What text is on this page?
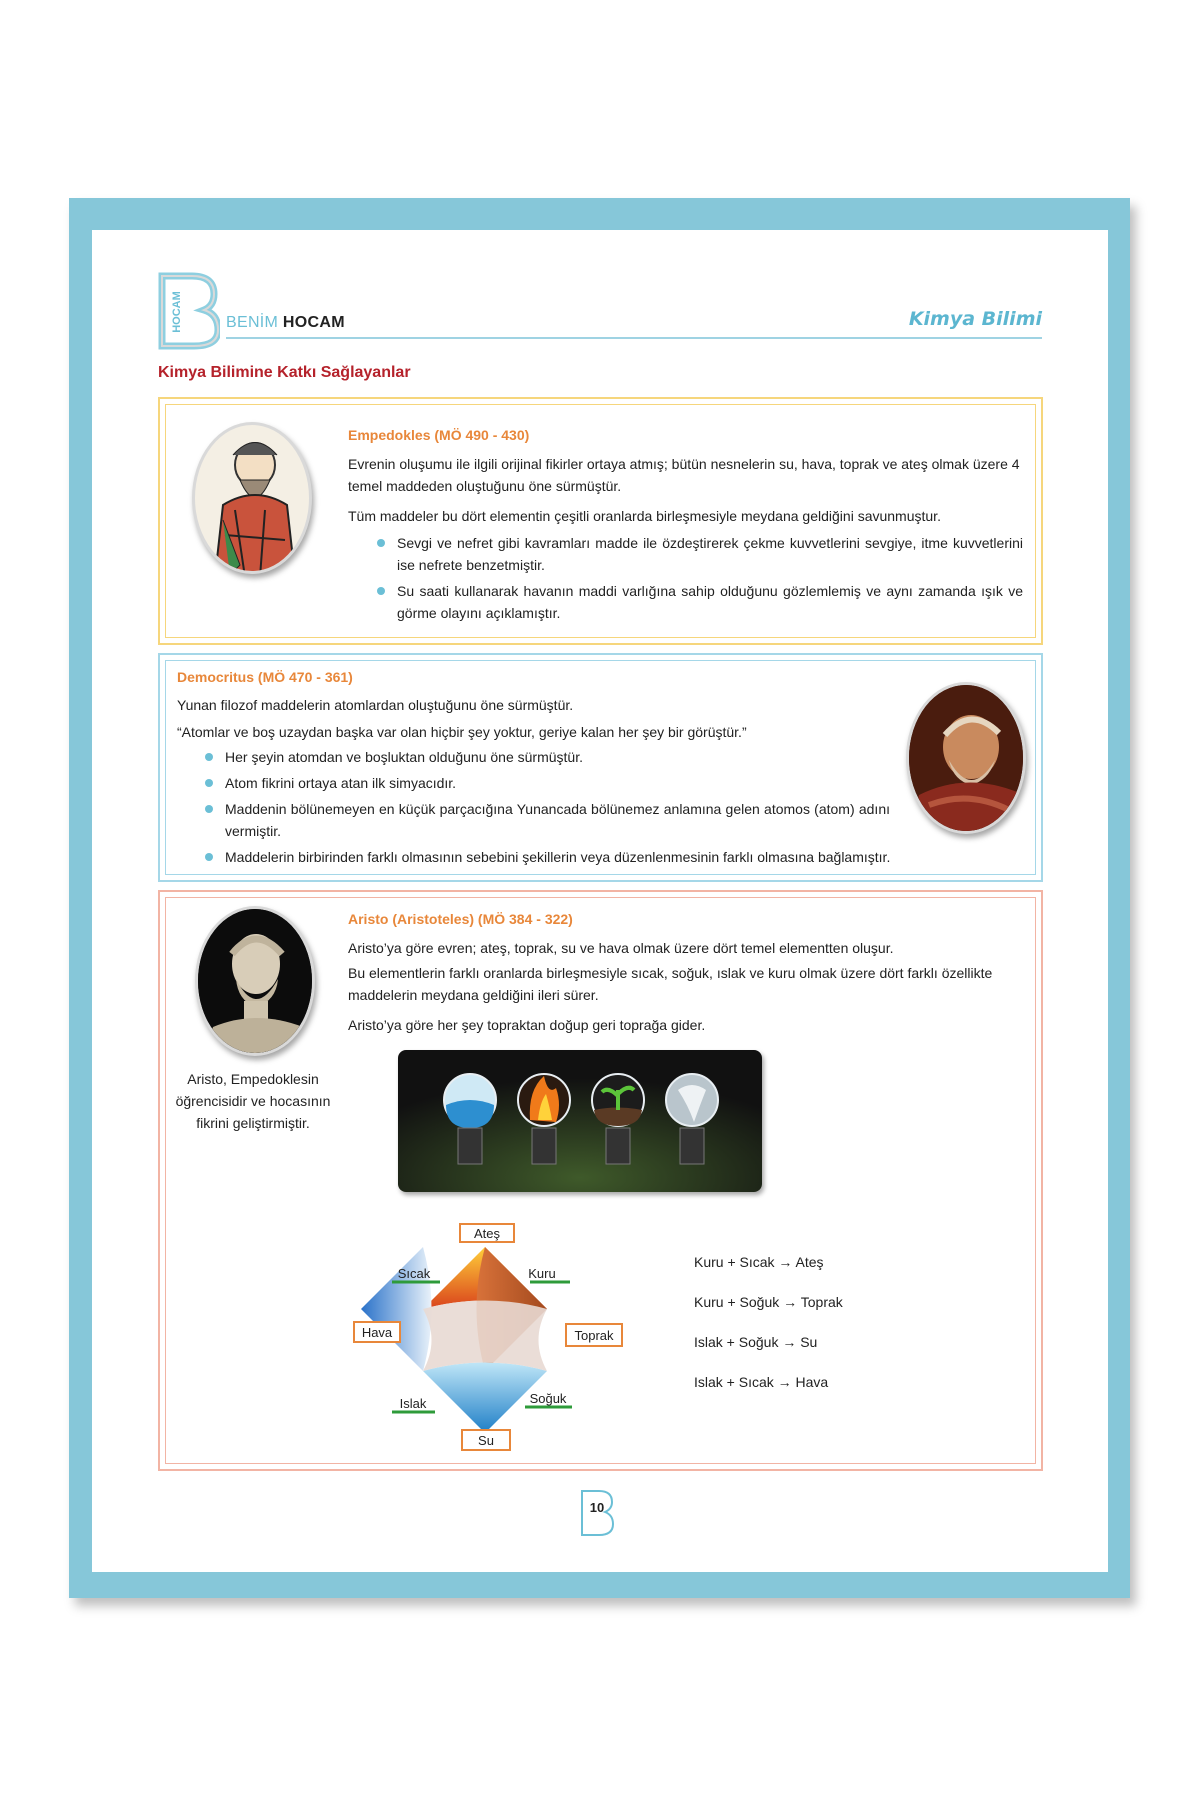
HOCAM	BENİM HOCAM	Kimya Bilimi
Kimya Bilimine Katkı Sağlayanlar
Empedokles (MÖ 490 - 430)
Evrenin oluşumu ile ilgili orijinal fikirler ortaya atmış; bütün nesnelerin su, hava, toprak ve ateş olmak üzere 4 temel maddeden oluştuğunu öne sürmüştür.
Tüm maddeler bu dört elementin çeşitli oranlarda birleşmesiyle meydana geldiğini savunmuştur.
Sevgi ve nefret gibi kavramları madde ile özdeştirerek çekme kuvvetlerini sevgiye, itme kuvvetlerini ise nefrete benzetmiştir.
Su saati kullanarak havanın maddi varlığına sahip olduğunu gözlemlemiş ve aynı zamanda ışık ve görme olayını açıklamıştır.
Democritus (MÖ 470 - 361)
Yunan filozof maddelerin atomlardan oluştuğunu öne sürmüştür.
“Atomlar ve boş uzaydan başka var olan hiçbir şey yoktur, geriye kalan her şey bir görüştür.”
Her şeyin atomdan ve boşluktan olduğunu öne sürmüştür.
Atom fikrini ortaya atan ilk simyacıdır.
Maddenin bölünemeyen en küçük parçacığına Yunancada bölünemez anlamına gelen atomos (atom) adını vermiştir.
Maddelerin birbirinden farklı olmasının sebebini şekillerin veya düzenlenmesinin farklı olmasına bağlamıştır.
Aristo (Aristoteles) (MÖ 384 - 322)
Aristo’ya göre evren; ateş, toprak, su ve hava olmak üzere dört temel elementten oluşur.
Bu elementlerin farklı oranlarda birleşmesiyle sıcak, soğuk, ıslak ve kuru olmak üzere dört farklı özellikte maddelerin meydana geldiğini ileri sürer.
Aristo’ya göre her şey topraktan doğup geri toprağa gider.
Aristo, Empedoklesin öğrencisidir ve hocasının fikrini geliştirmiştir.
Ateş
Hava	Toprak
Su
Sıcak	Kuru
Islak	Soğuk
Kuru + Sıcak → Ateş
Kuru + Soğuk → Toprak
Islak + Soğuk → Su
Islak + Sıcak → Hava
10
